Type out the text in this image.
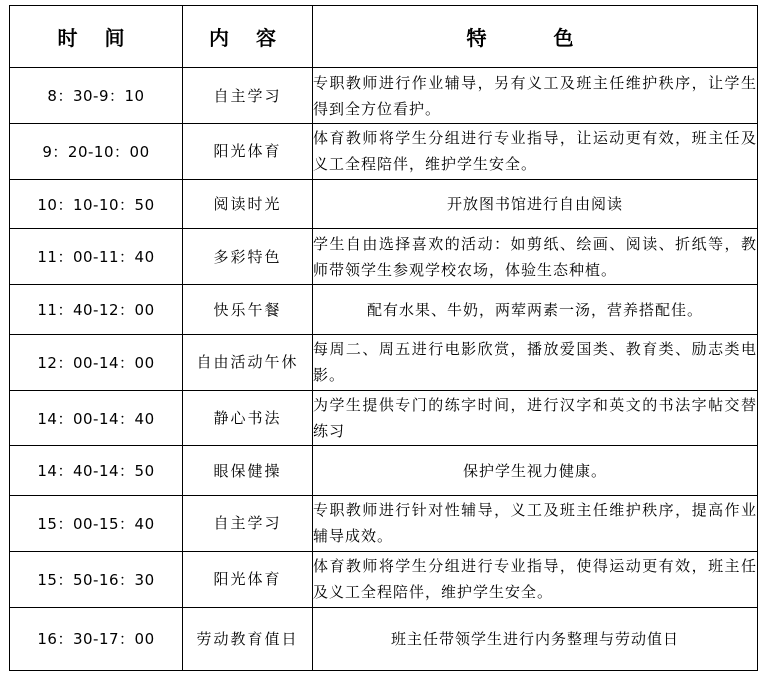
时 间	内 容	特 色
8：30-9：10	自主学习	专职教师进行作业辅导，另有义工及班主任维护秩序，让学生得到全方位看护。
9：20-10：00	阳光体育	体育教师将学生分组进行专业指导，让运动更有效，班主任及义工全程陪伴，维护学生安全。
10：10-10：50	阅读时光	开放图书馆进行自由阅读
11：00-11：40	多彩特色	学生自由选择喜欢的活动：如剪纸、绘画、阅读、折纸等，教师带领学生参观学校农场，体验生态种植。
11：40-12：00	快乐午餐	配有水果、牛奶，两荤两素一汤，营养搭配佳。
12：00-14：00	自由活动午休	每周二、周五进行电影欣赏，播放爱国类、教育类、励志类电影。
14：00-14：40	静心书法	为学生提供专门的练字时间，进行汉字和英文的书法字帖交替练习
14：40-14：50	眼保健操	保护学生视力健康。
15：00-15：40	自主学习	专职教师进行针对性辅导，义工及班主任维护秩序，提高作业辅导成效。
15：50-16：30	阳光体育	体育教师将学生分组进行专业指导，使得运动更有效，班主任及义工全程陪伴，维护学生安全。
16：30-17：00	劳动教育值日	班主任带领学生进行内务整理与劳动值日
